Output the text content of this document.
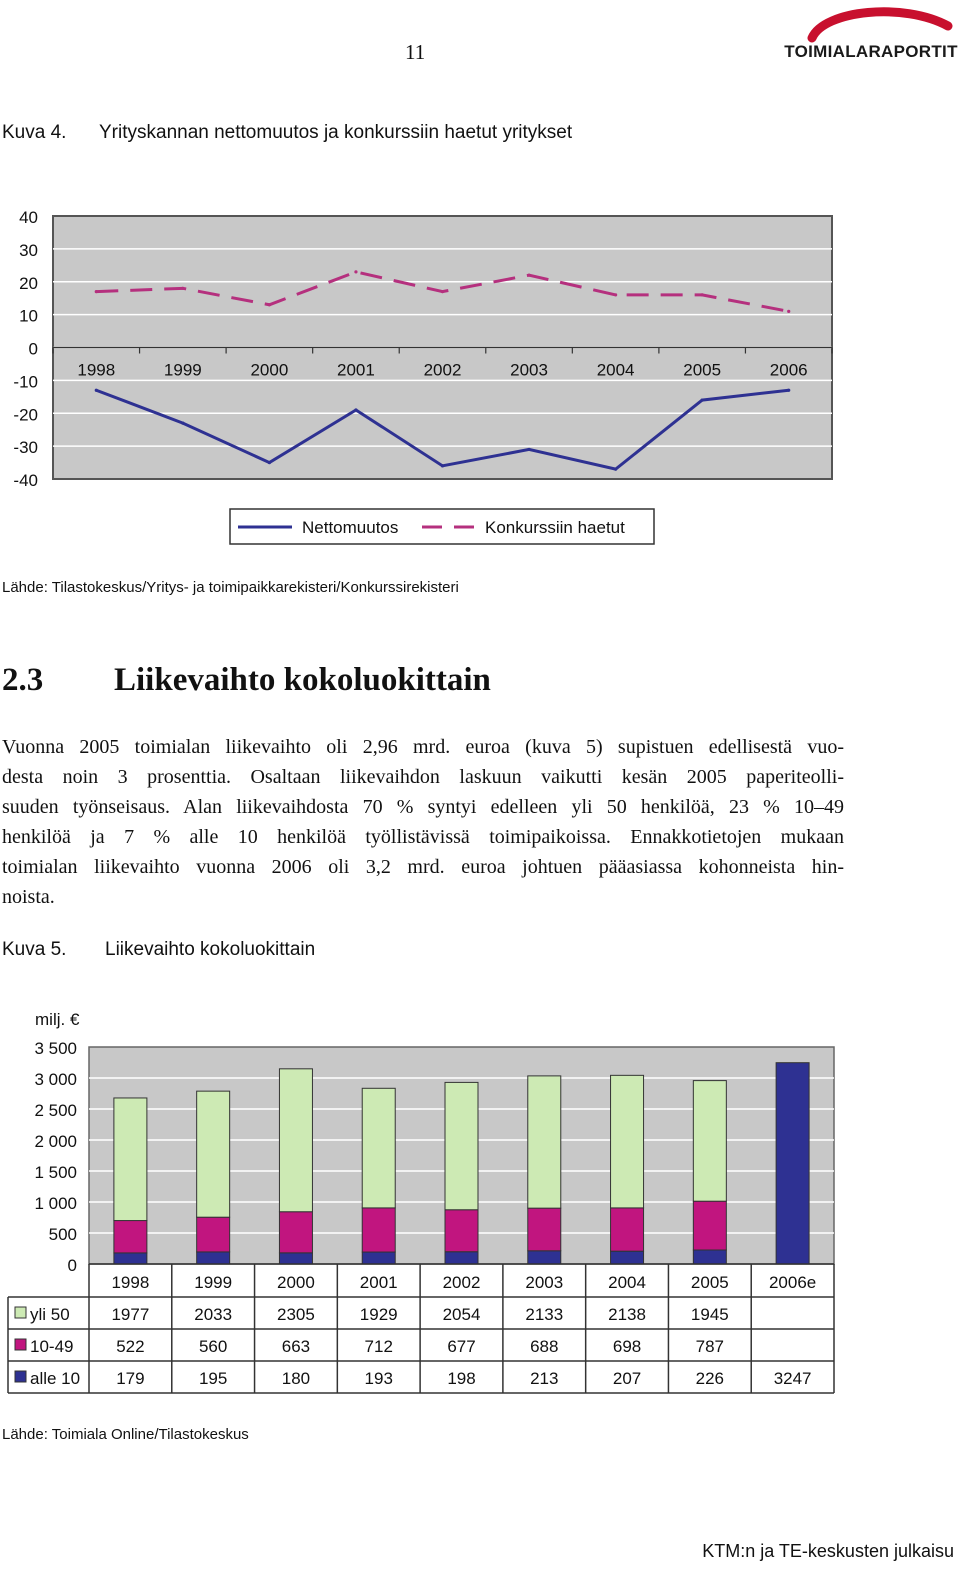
11	TOIMIALARAPORTIT
Kuva 4. Yrityskannan nettomuutos ja konkurssiin haetut yritykset
40
30
20
10
0
-10
-20
-30
-40
1998	1999	2000	2001	2002	2003	2004	2005	2006
Nettomuutos	Konkurssiin haetut
Lähde: Tilastokeskus/Yritys- ja toimipaikkarekisteri/Konkurssirekisteri
2.3 Liikevaihto kokoluokittain
Vuonna 2005 toimialan liikevaihto oli 2,96 mrd. euroa (kuva 5) supistuen edellisestä vuo-
desta noin 3 prosenttia. Osaltaan liikevaihdon laskuun vaikutti kesän 2005 paperiteolli-
suuden työnseisaus. Alan liikevaihdosta 70 % syntyi edelleen yli 50 henkilöä, 23 % 10–49
henkilöä ja 7 % alle 10 henkilöä työllistävissä toimipaikoissa. Ennakkotietojen mukaan
toimialan liikevaihto vuonna 2006 oli 3,2 mrd. euroa johtuen pääasiassa kohonneista hin-
noista.
Kuva 5. Liikevaihto kokoluokittain
milj. €
3 500
3 000
2 500
2 000
1 500
1 000
500
0
1998	1999	2000	2001	2002	2003	2004	2005 2006e
yli 50 1977	2033	2305	1929	2054	2133	2138	1945
10-49	522	560	663	712	677	688	698	787
alle 10 179	195	180	193	198	213	207	226	3247
Lähde: Toimiala Online/Tilastokeskus
KTM:n ja TE-keskusten julkaisu
